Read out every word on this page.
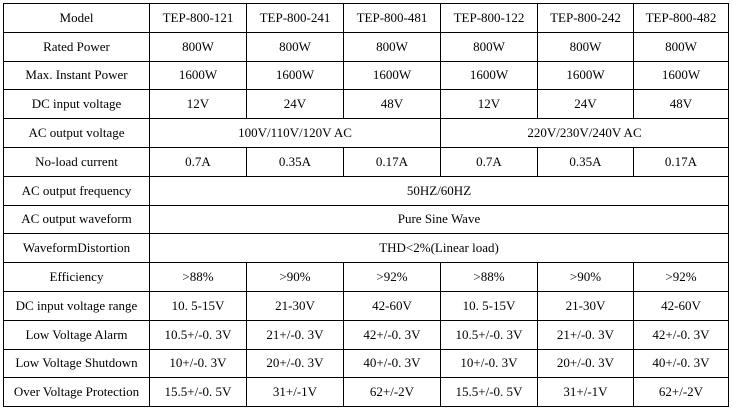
Model	TEP-800-121	TEP-800-241	TEP-800-481	TEP-800-122	TEP-800-242	TEP-800-482
Rated Power	800W	800W	800W	800W	800W	800W
Max. Instant Power	1600W	1600W	1600W	1600W	1600W	1600W
DC input voltage	12V	24V	48V	12V	24V	48V
AC output voltage	100V/110V/120V AC			220V/230V/240V AC		
No-load current	0.7A	0.35A	0.17A	0.7A	0.35A	0.17A
AC output frequency	50HZ/60HZ					
AC output waveform	Pure Sine Wave					
WaveformDistortion	THD<2%(Linear load)					
Efficiency	>88%	>90%	>92%	>88%	>90%	>92%
DC input voltage range	10. 5-15V	21-30V	42-60V	10. 5-15V	21-30V	42-60V
Low Voltage Alarm	10.5+/-0. 3V	21+/-0. 3V	42+/-0. 3V	10.5+/-0. 3V	21+/-0. 3V	42+/-0. 3V
Low Voltage Shutdown	10+/-0. 3V	20+/-0. 3V	40+/-0. 3V	10+/-0. 3V	20+/-0. 3V	40+/-0. 3V
Over Voltage Protection	15.5+/-0. 5V	31+/-1V	62+/-2V	15.5+/-0. 5V	31+/-1V	62+/-2V
